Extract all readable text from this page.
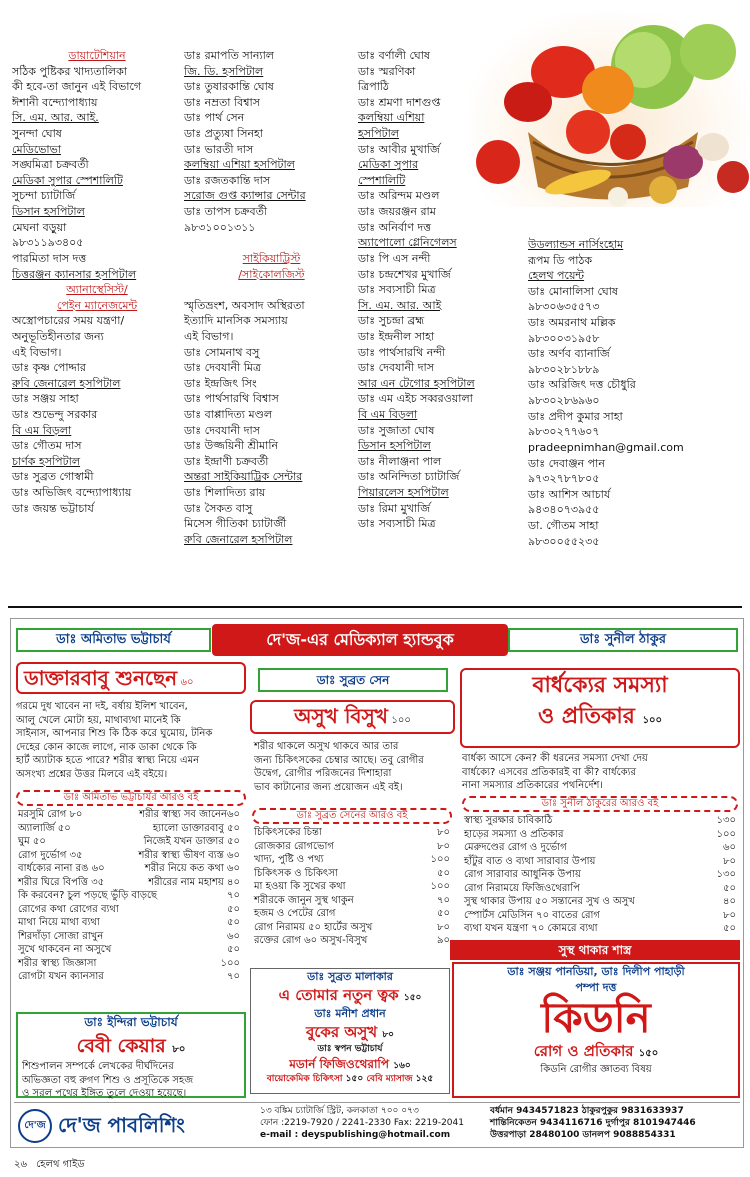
ডায়াটেশিয়ান
সঠিক পুষ্টিকর খাদ্যতালিকা
কী হবে-তা জানুন এই বিভাগে
ঈশানী বন্দ্যোপাধ্যায়
সি. এম. আর. আই.
সুনন্দা ঘোষ
মেডিভোভা
সঙ্ঘমিত্রা চক্রবর্তী
মেডিকা সুপার স্পেশালিটি
সুচন্দা চ্যাটার্জি
ডিসান হসপিটাল
মেঘনা বড়ুয়া
৯৮৩১১৯৩৪০৫
পারমিতা দাস দত্ত
চিত্তরঞ্জন ক্যানসার হসপিটাল
অ্যানাস্থেসিস্ট/
পেইন ম্যানেজমেন্ট
অস্ত্রোপচারের সময় যন্ত্রণা/
অনুভূতিহীনতার জন্য
এই বিভাগ।
ডাঃ কৃষ্ণ পোদ্দার
রুবি জেনারেল হসপিটাল
ডাঃ সঞ্জয় সাহা
ডাঃ শুভেন্দু সরকার
বি এম বিড়লা
ডাঃ গৌতম দাস
চার্ণক হসপিটাল
ডাঃ সুব্রত গোস্বামী
ডাঃ অভিজিৎ বন্দ্যোপাধ্যায়
ডাঃ জয়ন্ত ভট্টাচার্য
ডাঃ রমাপতি সান্যাল
জি. ডি. হসপিটাল
ডাঃ তুষারকান্তি ঘোষ
ডাঃ নম্রতা বিশ্বাস
ডাঃ পার্থ সেন
ডাঃ প্রত্যুষা সিনহা
ডাঃ ভারতী দাস
কলম্বিয়া এশিয়া হসপিটাল
ডাঃ রজতকান্তি দাস
সরোজ গুপ্ত ক্যান্সার সেন্টার
ডাঃ তাপস চক্রবর্তী
৯৮৩১০০১৩১১

সাইকিয়াট্রিস্ট
/সাইকোলজিস্ট

স্মৃতিভ্রংশ, অবসাদ অস্থিরতা
ইত্যাদি মানসিক সমস্যায়
এই বিভাগ।
ডাঃ সোমনাথ বসু
ডাঃ দেবযানী মিত্র
ডাঃ ইন্দ্রজিৎ সিং
ডাঃ পার্থসারথি বিশ্বাস
ডাঃ বাপ্পাদিত্য মণ্ডল
ডাঃ দেবযানী দাস
ডাঃ উজ্জয়িনী শ্রীমানি
ডাঃ ইন্দ্রাণী চক্রবর্তী
অন্তরা সাইকিয়াট্রিক সেন্টার
ডাঃ শিলাদিত্য রায়
ডাঃ সৈকত বাসু
মিসেস গীতিকা চ্যাটার্জী
রুবি জেনারেল হসপিটাল
ডাঃ বর্ণালী ঘোষ
ডাঃ স্মরণিকা
ত্রিপাঠি
ডাঃ শ্রমণা দাশগুপ্ত
কলম্বিয়া এশিয়া
হসপিটাল
ডাঃ আবীর মুখার্জি
মেডিকা সুপার
স্পেশালিটি
ডাঃ অরিন্দম মণ্ডল
ডাঃ জয়রঞ্জন রাম
ডাঃ অনির্বাণ দত্ত
অ্যাপোলো গ্লেনিগেলস
ডাঃ পি এস নন্দী
ডাঃ চন্দ্রশেখর মুখার্জি
ডাঃ সব্যসাচী মিত্র
সি. এম. আর. আই
ডাঃ সুচন্দ্রা ব্রহ্ম
ডাঃ ইন্দ্রনীল সাহা
ডাঃ পার্থসারথি নন্দী
ডাঃ দেবযানী দাস
আর এন টেগোর হসপিটাল
ডাঃ এম এইচ সব্বরওয়ালা
বি এম বিড়লা
ডাঃ সুজাতা ঘোষ
ডিসান হসপিটাল
ডাঃ নীলাঞ্জনা পাল
ডাঃ অনিন্দিতা চ্যাটার্জি
পিয়ারলেস হসপিটাল
ডাঃ রিমা মুখার্জি
ডাঃ সব্যসাচী মিত্র
উডল্যান্ডস নার্সিংহোম
রূপম ডি পাঠক
হেলথ পয়েন্ট
ডাঃ মোনালিসা ঘোষ
৯৮৩০৬৩৫৫৭৩
ডাঃ অমরনাথ মল্লিক
৯৮৩০০৩১৯৫৮
ডাঃ অর্ণব ব্যানার্জি
৯৮৩০২৮১৮৮৯
ডাঃ অরিজিৎ দত্ত চৌধুরি
৯৮৩০২৮৬৯৬০
ডাঃ প্রদীপ কুমার সাহা
৯৮৩০২৭৭৬০৭
pradeepnimhan@gmail.com
ডাঃ দেবাঞ্জন পান
৯৭৩২৭৮৭৮০৫
ডাঃ আশিস আচার্য
৯৪৩৪০৭৩৯৫৫
ডা. গৌতম সাহা
৯৮৩০০৫৫২৩৫
ডাঃ অমিতাভ ভট্টাচার্য	দে'জ-এর মেডিক্যাল হ্যান্ডবুক	ডাঃ সুনীল ঠাকুর
ডাক্তারবাবু শুনছেন ৬০
গরমে দুধ খাবেন না দই, বর্ষায় ইলিশ খাবেন,
আলু খেলে মোটা হয়, মাথাব্যথা মানেই কি
সাইনাস, আপনার শিশু কি ঠিক করে ঘুমোয়, টনিক
দেহের কোন কাজে লাগে, নাক ডাকা থেকে কি
হার্ট অ্যাটাক হতে পারে? শরীর স্বাস্থ্য নিয়ে এমন
অসংখ্য প্রশ্নের উত্তর মিলবে এই বইয়ে।
ডাঃ অমিতাভ ভট্টাচার্যর আরও বই
মরসুমি রোগ ৮০	শরীর স্বাস্থ্য সব জানেন৬০
অ্যালার্জি ৫০	হ্যালো ডাক্তারবাবু ৫০
ঘুম ৫০	নিজেই যখন ডাক্তার ৫০
রোগ দুর্ভোগ ৩৫	শরীর স্বাস্থ্য ভীষণ ব্যস্ত ৬০
বার্ধক্যের নানা রঙ ৬০	শরীর নিয়ে কত কথা ৬০
শরীর ঘিরে বিপত্তি ৩৫	শরীরের নাম মহাশয় ৪০
কি করবেন? চুল পড়ছে ভুঁড়ি বাড়ছে	৭০
রোগের কথা রোগের ব্যথা	৫০
মাথা নিয়ে মাথা ব্যথা	৫০
শিরদাঁড়া সোজা রাখুন	৬০
সুখে থাকবেন না অসুখে	৫০
শরীর স্বাস্থ্য জিজ্ঞাসা	১০০
রোগটা যখন ক্যানসার	৭০
ডাঃ ইন্দিরা ভট্টাচার্য
বেবী কেয়ার ৮০
শিশুপালন সম্পর্কে লেখকের দীর্ঘদিনের
অভিজ্ঞতা বহু রুগণ শিশু ও প্রসূতিকে সহজ
ও সরল পথের ইঙ্গিত তুলে দেওয়া হয়েছে।
ডাঃ সুব্রত সেন
অসুখ বিসুখ ১০০
শরীর থাকলে অসুখ থাকবে আর তার
জন্য চিকিৎসকের চেম্বার আছে। তবু রোগীর
উদ্বেগ, রোগীর পরিজনের দিশাহারা
ভাব কাটানোর জন্য প্রয়োজন এই বই।
ডাঃ সুব্রত সেনের আরও বই
চিকিৎসকের চিন্তা	৮০
রোজকার রোগভোগ	৮০
খাদ্য, পুষ্টি ও পথ্য	১০০
চিকিৎসক ও চিকিৎসা	৫০
মা হওয়া কি সুখের কথা	১০০
শরীরকে জানুন সুস্থ থাকুন	৭০
হজম ও পেটের রোগ	৫০
রোগ নিরাময় ৫০ হার্টের অসুখ	৮০
রক্তের রোগ ৬০ অসুখ-বিসুখ	৯০
ডাঃ সুব্রত মালাকার
এ তোমার নতুন ত্বক ১৫০
ডাঃ মনীশ প্রধান
বুকের অসুখ ৮০
ডাঃ স্বপন ভট্টাচার্য
মডার্ন ফিজিওথেরাপি ১৬০
বায়োকেমিক চিকিৎসা ১৫০ বেবি ম্যাসাজ ১২৫
বার্ধক্যের সমস্যা
ও প্রতিকার ১০০
বার্ধক্য আসে কেন? কী ধরনের সমস্যা দেখা দেয়
বার্ধক্যে? এসবের প্রতিকারই বা কী? বার্ধক্যের
নানা সমস্যার প্রতিকারের পথনির্দেশ।
ডাঃ সুনীল ঠাকুরের আরও বই
স্বাস্থ্য সুরক্ষার চাবিকাঠি	১৩০
হাড়ের সমস্যা ও প্রতিকার	১০০
মেরুদণ্ডের রোগ ও দুর্ভোগ	৬০
হাঁটুর বাত ও ব্যথা সারাবার উপায়	৮০
রোগ সারাবার আধুনিক উপায়	১৩০
রোগ নিরাময়ে ফিজিওথেরাপি	৫০
সুস্থ থাকার উপায় ৫০ সন্তানের সুখ ও অসুখ	৪০
স্পোর্টস মেডিসিন ৭০ বাতের রোগ	৮০
ব্যথা যখন যন্ত্রণা ৭০ কোমরে ব্যথা	৫০
সুস্থ থাকার শাস্ত্র
ডাঃ সঞ্জয় পানডিয়া, ডাঃ দিলীপ পাহাড়ী
পম্পা দত্ত
কিডনি
রোগ ও প্রতিকার ১৫০
কিডনি রোগীর জ্ঞাতব্য বিষয়
দে'জ দে'জ পাবলিশিং
১৩ বঙ্কিম চ্যাটার্জি স্ট্রিট, কলকাতা ৭০০ ০৭৩
ফোন :2219-7920 / 2241-2330 Fax: 2219-2041
e-mail : deyspublishing@hotmail.com
বর্ধমান 9434571823 ঠাকুরপুকুর 9831633937
শান্তিনিকেতন 9434116716 দুর্গাপুর 8101947446
উত্তরপাড়া 28480100 ডানলপ 9088854331
২৬ হেলথ গাইড
